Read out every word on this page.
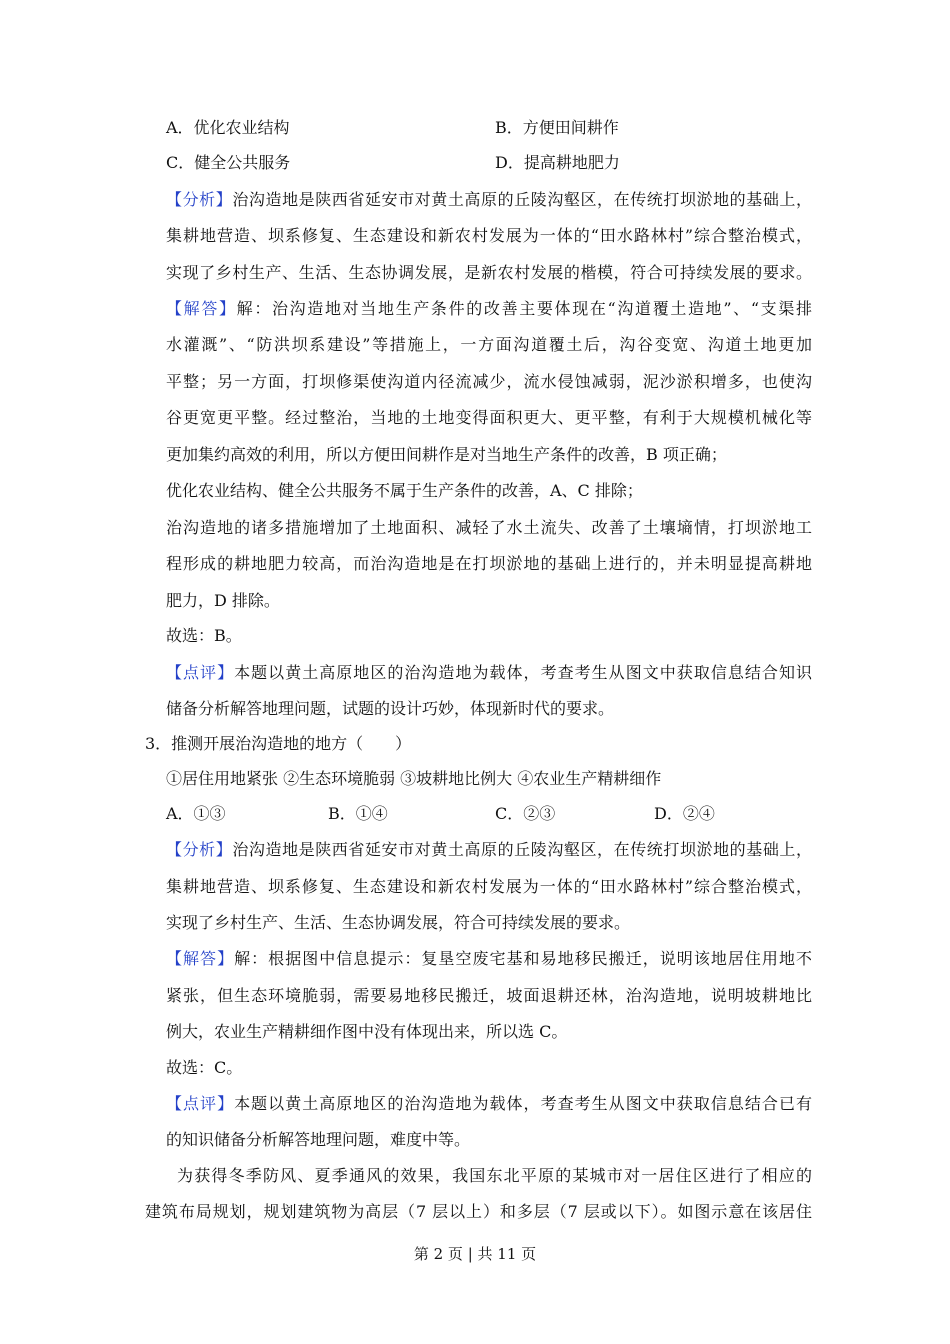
A．优化农业结构	B．方便田间耕作
C．健全公共服务	D．提高耕地肥力
【分析】治沟造地是陕西省延安市对黄土高原的丘陵沟壑区，在传统打坝淤地的基础上，
集耕地营造、坝系修复、生态建设和新农村发展为一体的“田水路林村”综合整治模式，
实现了乡村生产、生活、生态协调发展，是新农村发展的楷模，符合可持续发展的要求。
【解答】解：治沟造地对当地生产条件的改善主要体现在“沟道覆土造地”、“支渠排
水灌溉”、“防洪坝系建设”等措施上，一方面沟道覆土后，沟谷变宽、沟道土地更加
平整；另一方面，打坝修渠使沟道内径流减少，流水侵蚀减弱，泥沙淤积增多，也使沟
谷更宽更平整。经过整治，当地的土地变得面积更大、更平整，有利于大规模机械化等
更加集约高效的利用，所以方便田间耕作是对当地生产条件的改善，B 项正确；
优化农业结构、健全公共服务不属于生产条件的改善，A、C 排除；
治沟造地的诸多措施增加了土地面积、减轻了水土流失、改善了土壤墒情，打坝淤地工
程形成的耕地肥力较高，而治沟造地是在打坝淤地的基础上进行的，并未明显提高耕地
肥力，D 排除。
故选：B。
【点评】本题以黄土高原地区的治沟造地为载体，考查考生从图文中获取信息结合知识
储备分析解答地理问题，试题的设计巧妙，体现新时代的要求。
3．推测开展治沟造地的地方（　　）
①居住用地紧张 ②生态环境脆弱 ③坡耕地比例大 ④农业生产精耕细作
A．①③	B．①④	C．②③	D．②④
【分析】治沟造地是陕西省延安市对黄土高原的丘陵沟壑区，在传统打坝淤地的基础上，
集耕地营造、坝系修复、生态建设和新农村发展为一体的“田水路林村”综合整治模式，
实现了乡村生产、生活、生态协调发展，符合可持续发展的要求。
【解答】解：根据图中信息提示：复垦空废宅基和易地移民搬迁，说明该地居住用地不
紧张，但生态环境脆弱，需要易地移民搬迁，坡面退耕还林，治沟造地，说明坡耕地比
例大，农业生产精耕细作图中没有体现出来，所以选 C。
故选：C。
【点评】本题以黄土高原地区的治沟造地为载体，考查考生从图文中获取信息结合已有
的知识储备分析解答地理问题，难度中等。
为获得冬季防风、夏季通风的效果，我国东北平原的某城市对一居住区进行了相应的
建筑布局规划，规划建筑物为高层（7 层以上）和多层（7 层或以下）。如图示意在该居住
第 2 页 | 共 11 页
